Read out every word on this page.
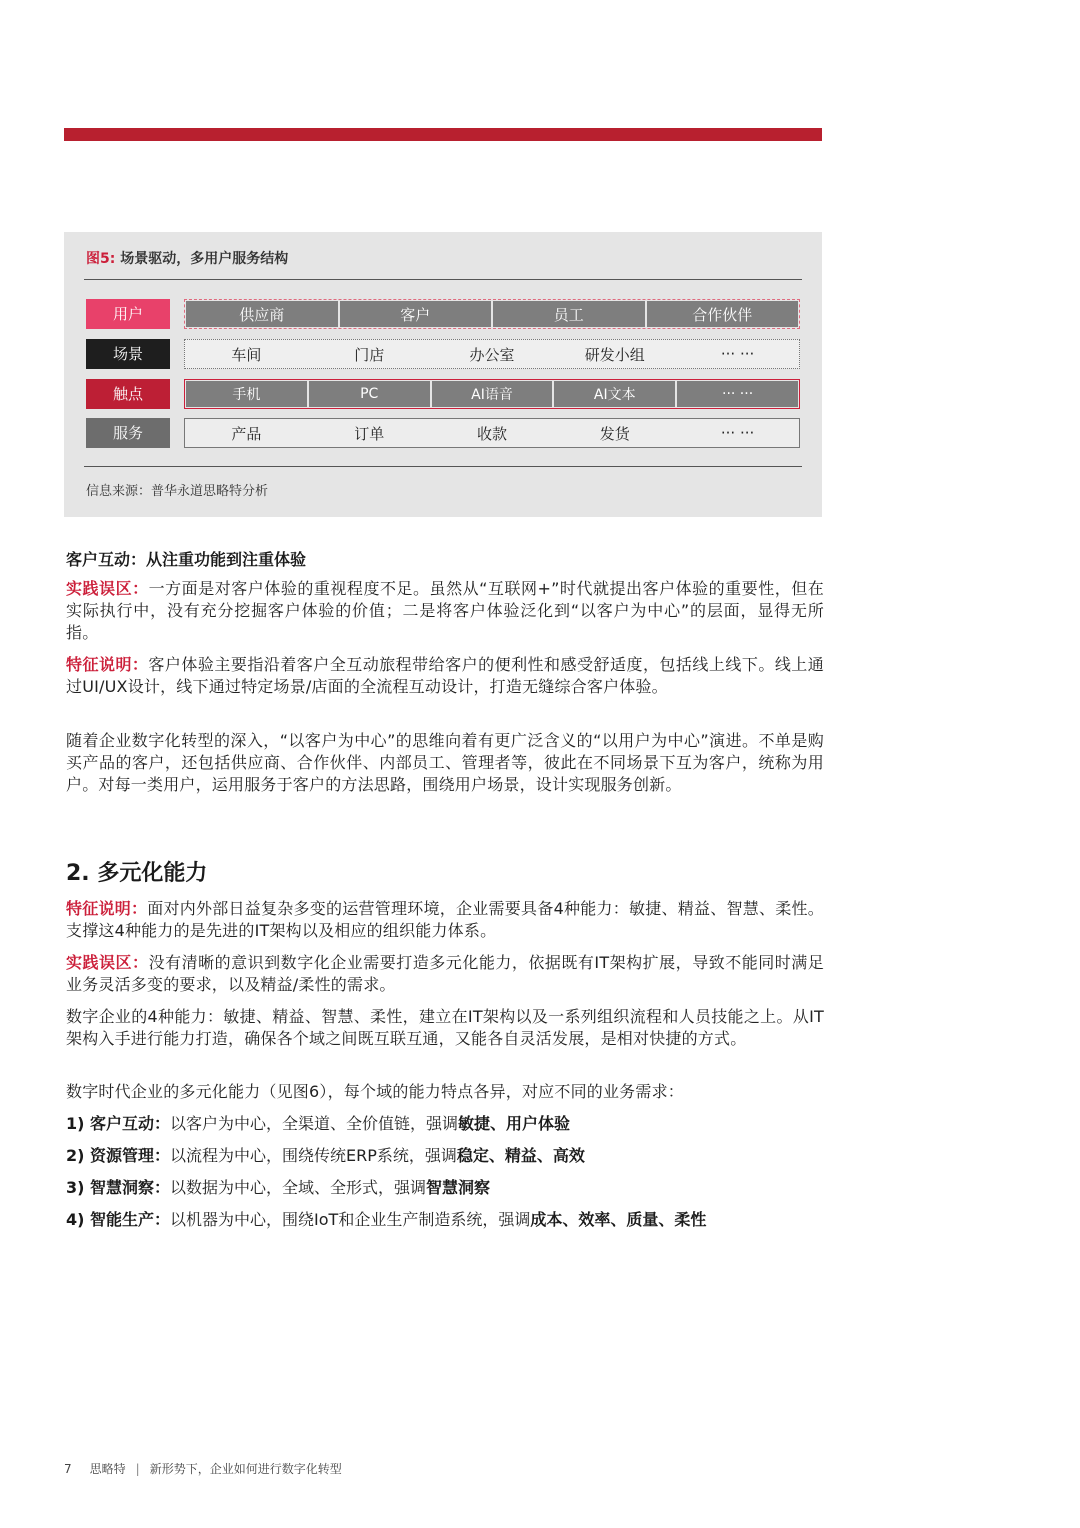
图5: 场景驱动，多用户服务结构
用户	供应商	客户	员工	合作伙伴
场景	车间	门店	办公室	研发小组	··· ···
触点	手机	PC	AI语音	AI文本	··· ···
服务	产品	订单	收款	发货	··· ···
信息来源：普华永道思略特分析
客户互动：从注重功能到注重体验
实践误区：一方面是对客户体验的重视程度不足。虽然从“互联网+”时代就提出客户体验的重要性，但在实际执行中，没有充分挖掘客户体验的价值；二是将客户体验泛化到“以客户为中心”的层面，显得无所指。
特征说明：客户体验主要指沿着客户全互动旅程带给客户的便利性和感受舒适度，包括线上线下。线上通过UI/UX设计，线下通过特定场景/店面的全流程互动设计，打造无缝综合客户体验。
随着企业数字化转型的深入，“以客户为中心”的思维向着有更广泛含义的“以用户为中心”演进。不单是购买产品的客户，还包括供应商、合作伙伴、内部员工、管理者等，彼此在不同场景下互为客户，统称为用户。对每一类用户，运用服务于客户的方法思路，围绕用户场景，设计实现服务创新。
2. 多元化能力
特征说明：面对内外部日益复杂多变的运营管理环境，企业需要具备4种能力：敏捷、精益、智慧、柔性。支撑这4种能力的是先进的IT架构以及相应的组织能力体系。
实践误区：没有清晰的意识到数字化企业需要打造多元化能力，依据既有IT架构扩展，导致不能同时满足业务灵活多变的要求，以及精益/柔性的需求。
数字企业的4种能力：敏捷、精益、智慧、柔性，建立在IT架构以及一系列组织流程和人员技能之上。从IT架构入手进行能力打造，确保各个域之间既互联互通，又能各自灵活发展，是相对快捷的方式。
数字时代企业的多元化能力（见图6），每个域的能力特点各异，对应不同的业务需求：
1) 客户互动：以客户为中心，全渠道、全价值链，强调敏捷、用户体验
2) 资源管理：以流程为中心，围绕传统ERP系统，强调稳定、精益、高效
3) 智慧洞察：以数据为中心，全域、全形式，强调智慧洞察
4) 智能生产：以机器为中心，围绕IoT和企业生产制造系统，强调成本、效率、质量、柔性
7 思略特 | 新形势下，企业如何进行数字化转型
